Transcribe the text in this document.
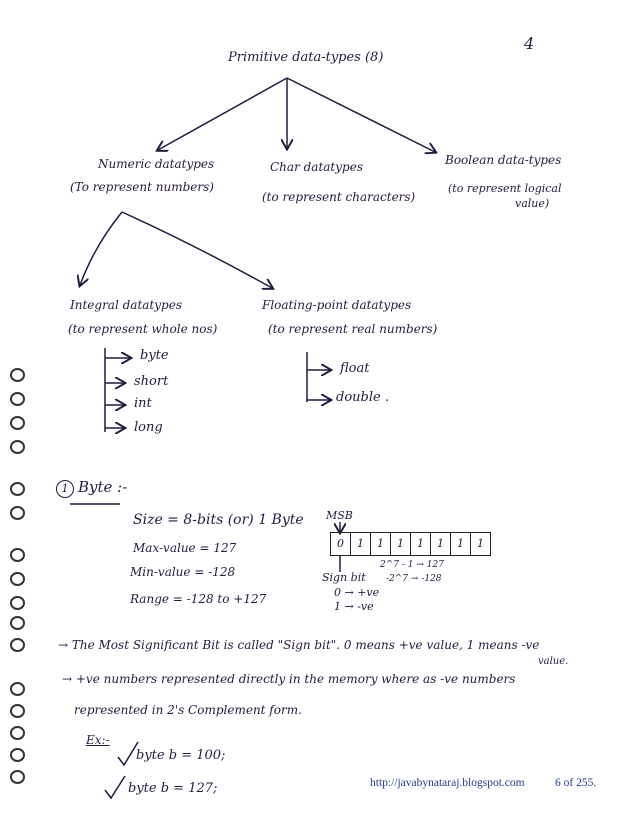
4
Primitive data-types (8)
Numeric datatypes
(To represent numbers)
Char datatypes
(to represent characters)
Boolean data-types
(to represent logical
value)
Integral datatypes
(to represent whole nos)
Floating-point datatypes
(to represent real numbers)
byte
short
int
long
float
double .
1 Byte :-
Size = 8-bits (or) 1 Byte
Max-value = 127
Min-value = -128
Range = -128 to +127
MSB
0	1	1	1	1	1	1	1
Sign bit
2^7 - 1 → 127
-2^7 → -128
0 → +ve
1 → -ve
→ The Most Significant Bit is called "Sign bit". 0 means +ve value, 1 means -ve
value.
→ +ve numbers represented directly in the memory where as -ve numbers
represented in 2's Complement form.
Ex:-
byte b = 100;
byte b = 127;	http://javabynataraj.blogspot.com	6 of 255.
